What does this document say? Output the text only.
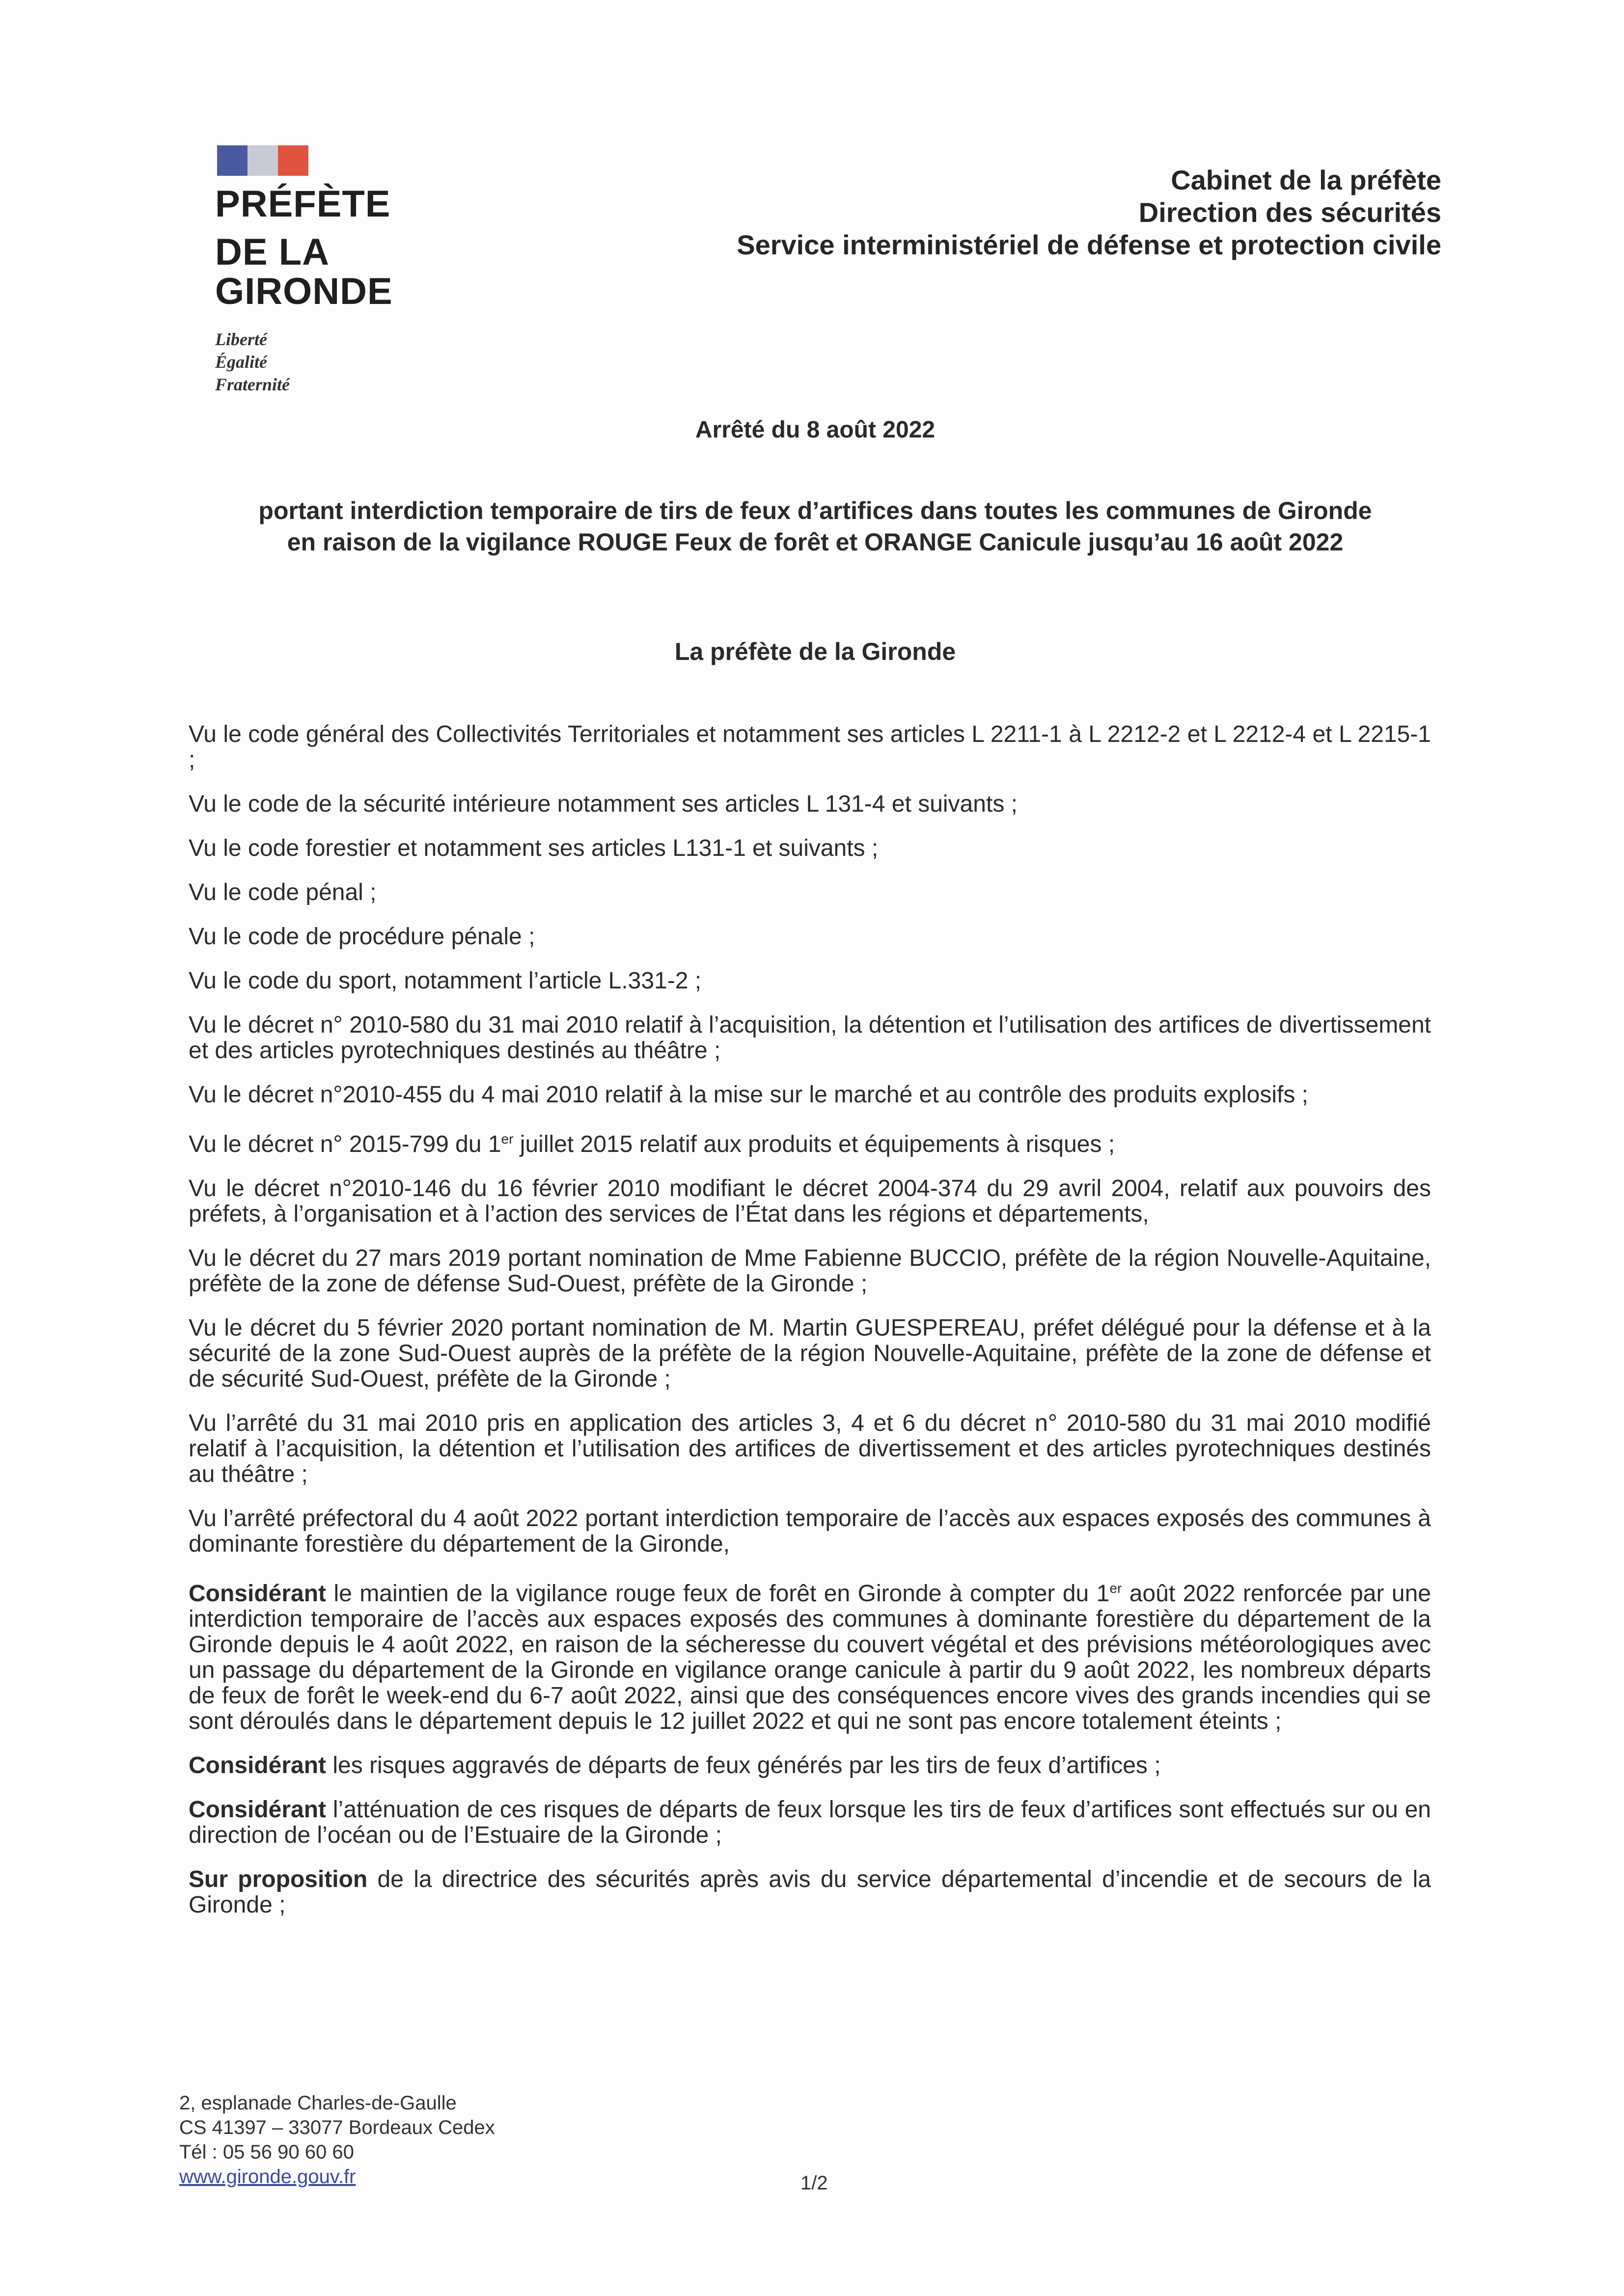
PRÉFÈTE
DE LA GIRONDE
Liberté
Égalité
Fraternité
Cabinet de la préfète
Direction des sécurités
Service interministériel de défense et protection civile
Arrêté du 8 août 2022
portant interdiction temporaire de tirs de feux d’artifices dans toutes les communes de Gironde
en raison de la vigilance ROUGE Feux de forêt et ORANGE Canicule jusqu’au 16 août 2022
La préfète de la Gironde

Vu le code général des Collectivités Territoriales et notamment ses articles L 2211-1 à L 2212-2 et L 2212-4 et L 2215-1 ;

Vu le code de la sécurité intérieure notamment ses articles L 131-4 et suivants ;

Vu le code forestier et notamment ses articles L131-1 et suivants ;

Vu le code pénal ;

Vu le code de procédure pénale ;

Vu le code du sport, notamment l’article L.331-2 ;

Vu le décret n° 2010-580 du 31 mai 2010 relatif à l’acquisition, la détention et l’utilisation des artifices de divertissement et des articles pyrotechniques destinés au théâtre ;

Vu le décret n°2010-455 du 4 mai 2010 relatif à la mise sur le marché et au contrôle des produits explosifs ;

Vu le décret n° 2015-799 du 1er juillet 2015 relatif aux produits et équipements à risques ;

Vu le décret n°2010-146 du 16 février 2010 modifiant le décret 2004-374 du 29 avril 2004, relatif aux pouvoirs des préfets, à l’organisation et à l’action des services de l’État dans les régions et départements,

Vu le décret du 27 mars 2019 portant nomination de Mme Fabienne BUCCIO, préfète de la région Nouvelle-Aquitaine, préfète de la zone de défense Sud-Ouest, préfète de la Gironde ;

Vu le décret du 5 février 2020 portant nomination de M. Martin GUESPEREAU, préfet délégué pour la défense et à la sécurité de la zone Sud-Ouest auprès de la préfète de la région Nouvelle-Aquitaine, préfète de la zone de défense et de sécurité Sud-Ouest, préfète de la Gironde ;

Vu l’arrêté du 31 mai 2010 pris en application des articles 3, 4 et 6 du décret n° 2010-580 du 31 mai 2010 modifié relatif à l’acquisition, la détention et l’utilisation des artifices de divertissement et des articles pyrotechniques destinés au théâtre ;

Vu l’arrêté préfectoral du 4 août 2022 portant interdiction temporaire de l’accès aux espaces exposés des communes à dominante forestière du département de la Gironde,

Considérant le maintien de la vigilance rouge feux de forêt en Gironde à compter du 1er août 2022 renforcée par une interdiction temporaire de l’accès aux espaces exposés des communes à dominante forestière du département de la Gironde depuis le 4 août 2022, en raison de la sécheresse du couvert végétal et des prévisions météorologiques avec un passage du département de la Gironde en vigilance orange canicule à partir du 9 août 2022, les nombreux départs de feux de forêt le week-end du 6-7 août 2022, ainsi que des conséquences encore vives des grands incendies qui se sont déroulés dans le département depuis le 12 juillet 2022 et qui ne sont pas encore totalement éteints ;

Considérant les risques aggravés de départs de feux générés par les tirs de feux d’artifices ;

Considérant l’atténuation de ces risques de départs de feux lorsque les tirs de feux d’artifices sont effectués sur ou en direction de l’océan ou de l’Estuaire de la Gironde ;

Sur proposition de la directrice des sécurités après avis du service départemental d’incendie et de secours de la Gironde ;

2, esplanade Charles-de-Gaulle
CS 41397 – 33077 Bordeaux Cedex
Tél : 05 56 90 60 60
www.gironde.gouv.fr	1/2
